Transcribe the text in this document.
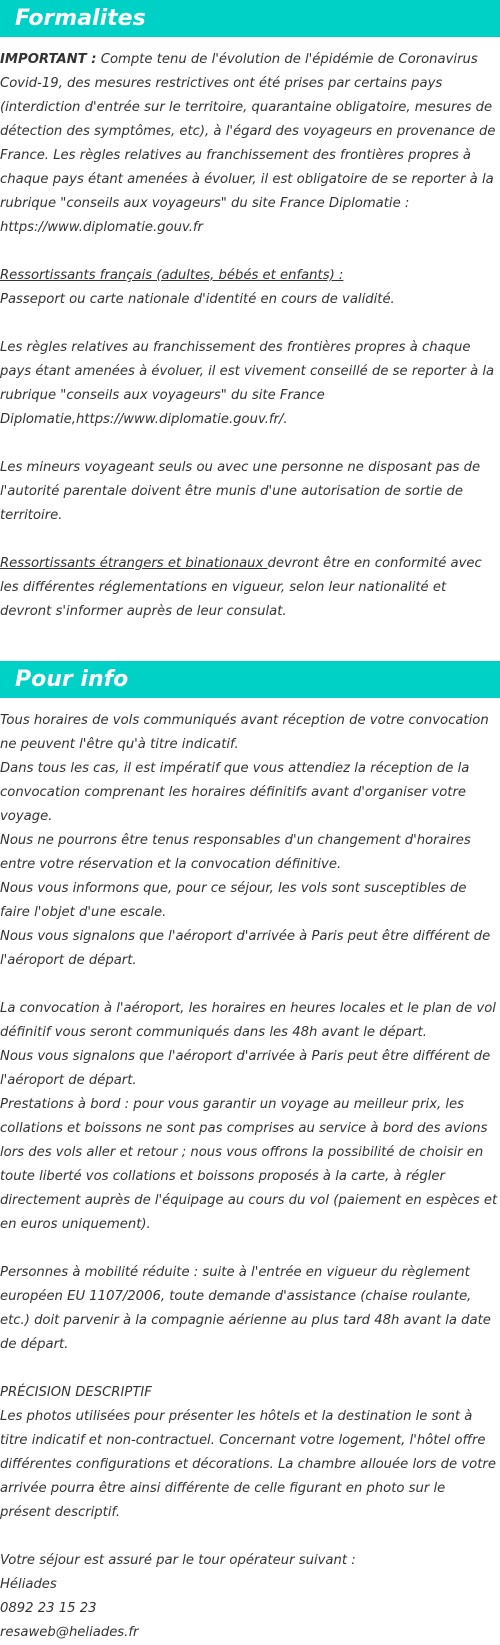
Formalites

IMPORTANT : Compte tenu de l'évolution de l'épidémie de Coronavirus Covid-19, des mesures restrictives ont été prises par certains pays (interdiction d'entrée sur le territoire, quarantaine obligatoire, mesures de détection des symptômes, etc), à l'égard des voyageurs en provenance de France. Les règles relatives au franchissement des frontières propres à chaque pays étant amenées à évoluer, il est obligatoire de se reporter à la rubrique "conseils aux voyageurs" du site France Diplomatie : https://www.diplomatie.gouv.fr

Ressortissants français (adultes, bébés et enfants) :

Passeport ou carte nationale d'identité en cours de validité.

Les règles relatives au franchissement des frontières propres à chaque pays étant amenées à évoluer, il est vivement conseillé de se reporter à la rubrique "conseils aux voyageurs" du site France Diplomatie,https://www.diplomatie.gouv.fr/.

Les mineurs voyageant seuls ou avec une personne ne disposant pas de l'autorité parentale doivent être munis d'une autorisation de sortie de territoire.

Ressortissants étrangers et binationaux devront être en conformité avec les différentes réglementations en vigueur, selon leur nationalité et devront s'informer auprès de leur consulat.

Pour info

Tous horaires de vols communiqués avant réception de votre convocation ne peuvent l'être qu'à titre indicatif.

Dans tous les cas, il est impératif que vous attendiez la réception de la convocation comprenant les horaires définitifs avant d'organiser votre voyage.

Nous ne pourrons être tenus responsables d'un changement d'horaires entre votre réservation et la convocation définitive.

Nous vous informons que, pour ce séjour, les vols sont susceptibles de faire l'objet d'une escale.

Nous vous signalons que l'aéroport d'arrivée à Paris peut être différent de l'aéroport de départ.

La convocation à l'aéroport, les horaires en heures locales et le plan de vol définitif vous seront communiqués dans les 48h avant le départ.

Nous vous signalons que l'aéroport d'arrivée à Paris peut être différent de l'aéroport de départ.

Prestations à bord : pour vous garantir un voyage au meilleur prix, les collations et boissons ne sont pas comprises au service à bord des avions lors des vols aller et retour ; nous vous offrons la possibilité de choisir en toute liberté vos collations et boissons proposés à la carte, à régler directement auprès de l'équipage au cours du vol (paiement en espèces et en euros uniquement).

Personnes à mobilité réduite : suite à l'entrée en vigueur du règlement européen EU 1107/2006, toute demande d'assistance (chaise roulante, etc.) doit parvenir à la compagnie aérienne au plus tard 48h avant la date de départ.

PRÉCISION DESCRIPTIF

Les photos utilisées pour présenter les hôtels et la destination le sont à titre indicatif et non-contractuel. Concernant votre logement, l'hôtel offre différentes configurations et décorations. La chambre allouée lors de votre arrivée pourra être ainsi différente de celle figurant en photo sur le présent descriptif.

Votre séjour est assuré par le tour opérateur suivant :

Héliades

0892 23 15 23

resaweb@heliades.fr
